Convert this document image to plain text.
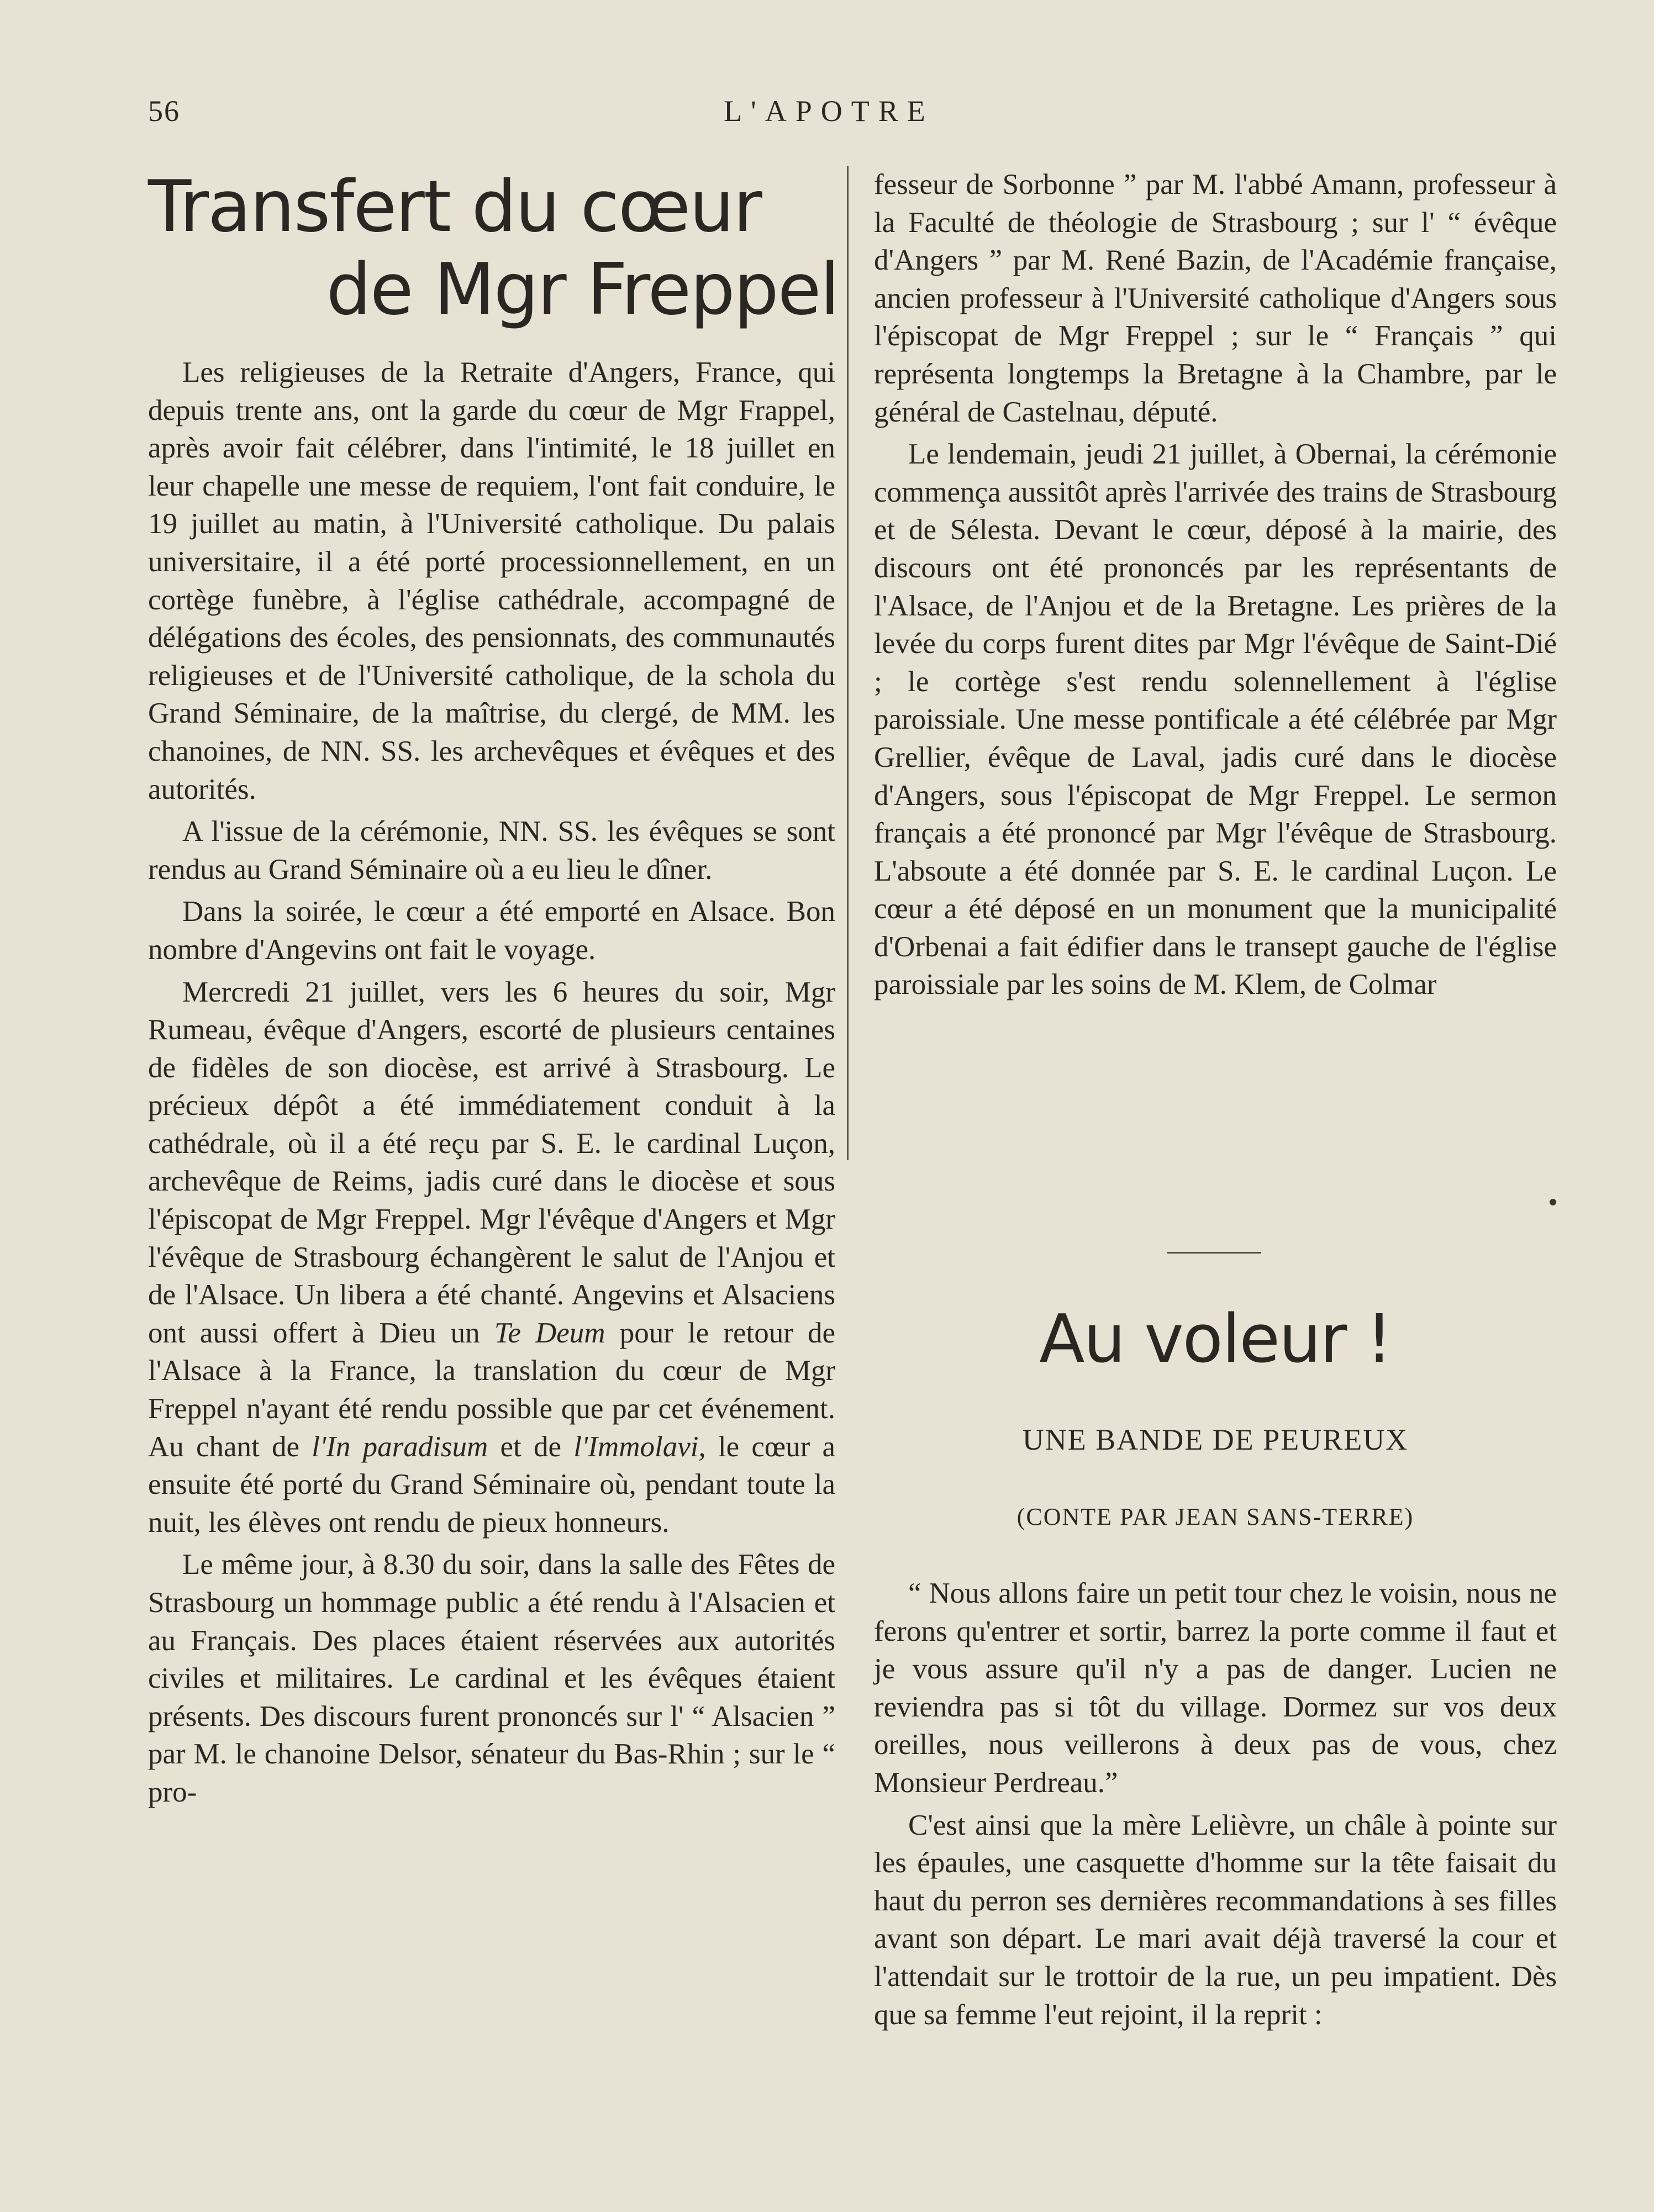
56	L'APOTRE
Transfert du cœur
de Mgr Freppel

Les religieuses de la Retraite d'Angers, France, qui depuis trente ans, ont la garde du cœur de Mgr Frappel, après avoir fait célébrer, dans l'intimité, le 18 juillet en leur chapelle une messe de requiem, l'ont fait conduire, le 19 juillet au matin, à l'Université catholique. Du palais universitaire, il a été porté processionnellement, en un cortège funèbre, à l'église cathédrale, accompagné de délégations des écoles, des pensionnats, des communautés religieuses et de l'Université catholique, de la schola du Grand Séminaire, de la maîtrise, du clergé, de MM. les chanoines, de NN. SS. les archevêques et évêques et des autorités.

A l'issue de la cérémonie, NN. SS. les évêques se sont rendus au Grand Séminaire où a eu lieu le dîner.

Dans la soirée, le cœur a été emporté en Alsace. Bon nombre d'Angevins ont fait le voyage.

Mercredi 21 juillet, vers les 6 heures du soir, Mgr Rumeau, évêque d'Angers, escorté de plusieurs centaines de fidèles de son diocèse, est arrivé à Strasbourg. Le précieux dépôt a été immédiatement conduit à la cathédrale, où il a été reçu par S. E. le cardinal Luçon, archevêque de Reims, jadis curé dans le diocèse et sous l'épiscopat de Mgr Freppel. Mgr l'évêque d'Angers et Mgr l'évêque de Strasbourg échangèrent le salut de l'Anjou et de l'Alsace. Un libera a été chanté. Angevins et Alsaciens ont aussi offert à Dieu un Te Deum pour le retour de l'Alsace à la France, la translation du cœur de Mgr Freppel n'ayant été rendu possible que par cet événement. Au chant de l'In paradisum et de l'Immolavi, le cœur a ensuite été porté du Grand Séminaire où, pendant toute la nuit, les élèves ont rendu de pieux honneurs.

Le même jour, à 8.30 du soir, dans la salle des Fêtes de Strasbourg un hommage public a été rendu à l'Alsacien et au Français. Des places étaient réservées aux autorités civiles et militaires. Le cardinal et les évêques étaient présents. Des discours furent prononcés sur l' “ Alsacien ” par M. le chanoine Delsor, sénateur du Bas-Rhin ; sur le “ pro-

fesseur de Sorbonne ” par M. l'abbé Amann, professeur à la Faculté de théologie de Strasbourg ; sur l' “ évêque d'Angers ” par M. René Bazin, de l'Académie française, ancien professeur à l'Université catholique d'Angers sous l'épiscopat de Mgr Freppel ; sur le “ Français ” qui représenta longtemps la Bretagne à la Chambre, par le général de Castelnau, député.

Le lendemain, jeudi 21 juillet, à Obernai, la cérémonie commença aussitôt après l'arrivée des trains de Strasbourg et de Sélesta. Devant le cœur, déposé à la mairie, des discours ont été prononcés par les représentants de l'Alsace, de l'Anjou et de la Bretagne. Les prières de la levée du corps furent dites par Mgr l'évêque de Saint-Dié ; le cortège s'est rendu solennellement à l'église paroissiale. Une messe pontificale a été célébrée par Mgr Grellier, évêque de Laval, jadis curé dans le diocèse d'Angers, sous l'épiscopat de Mgr Freppel. Le sermon français a été prononcé par Mgr l'évêque de Strasbourg. L'absoute a été donnée par S. E. le cardinal Luçon. Le cœur a été déposé en un monument que la municipalité d'Orbenai a fait édifier dans le transept gauche de l'église paroissiale par les soins de M. Klem, de Colmar

Au voleur !
UNE BANDE DE PEUREUX
(CONTE PAR JEAN SANS-TERRE)

“ Nous allons faire un petit tour chez le voisin, nous ne ferons qu'entrer et sortir, barrez la porte comme il faut et je vous assure qu'il n'y a pas de danger. Lucien ne reviendra pas si tôt du village. Dormez sur vos deux oreilles, nous veillerons à deux pas de vous, chez Monsieur Perdreau.”

C'est ainsi que la mère Lelièvre, un châle à pointe sur les épaules, une casquette d'homme sur la tête faisait du haut du perron ses dernières recommandations à ses filles avant son départ. Le mari avait déjà traversé la cour et l'attendait sur le trottoir de la rue, un peu impatient. Dès que sa femme l'eut rejoint, il la reprit :
